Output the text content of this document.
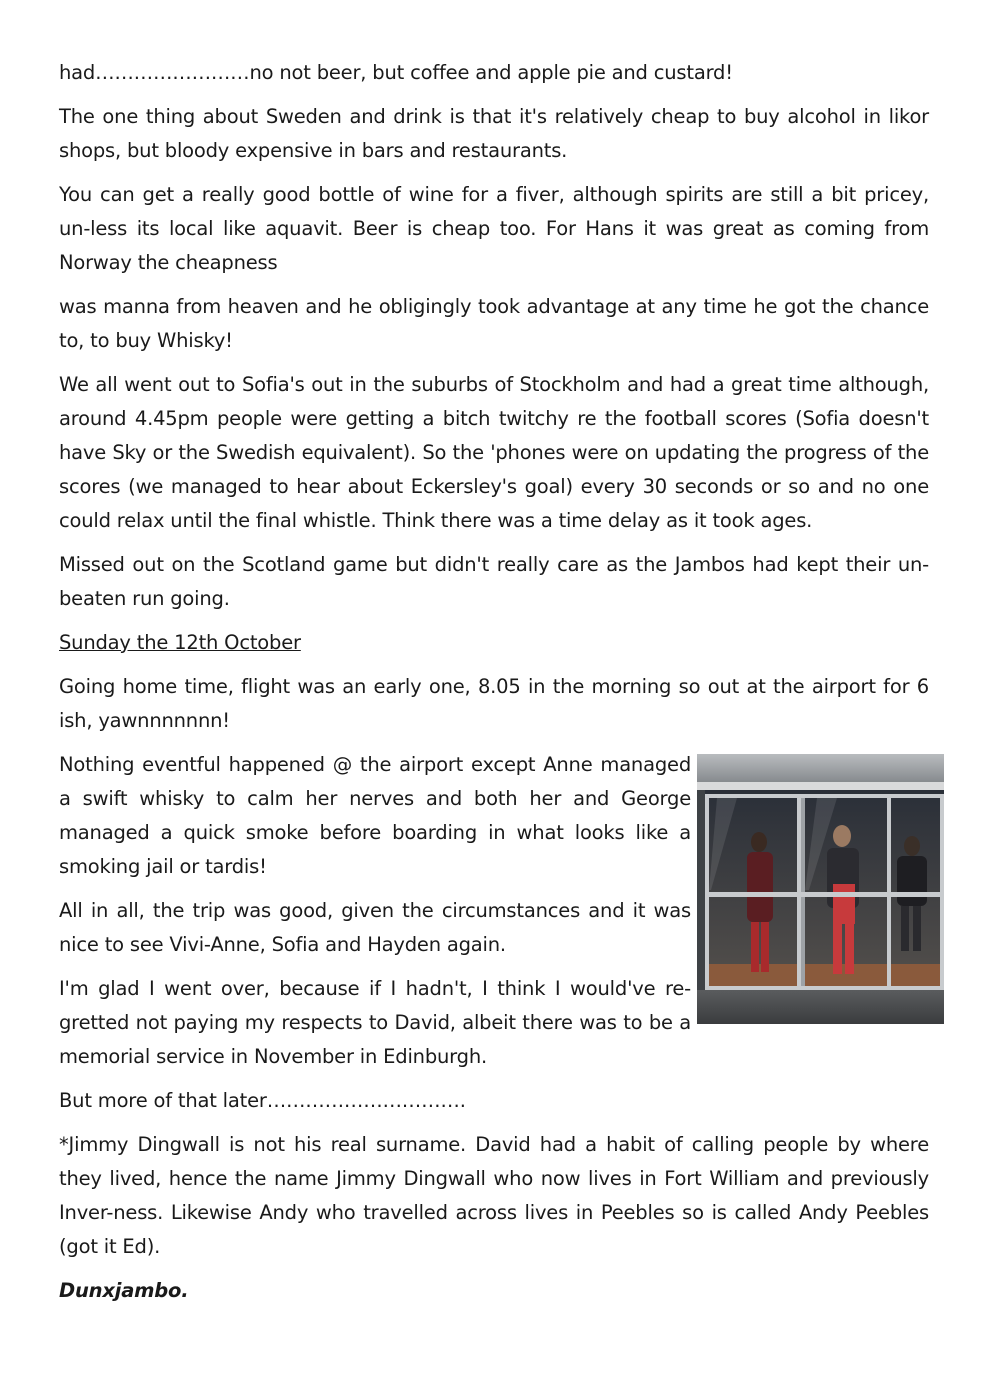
had……………………no not beer, but coffee and apple pie and custard!

The one thing about Sweden and drink is that it's relatively cheap to buy alcohol in likor shops, but bloody expensive in bars and restaurants.

You can get a really good bottle of wine for a fiver, although spirits are still a bit pricey, un-less its local like aquavit. Beer is cheap too. For Hans it was great as coming from Norway the cheapness

was manna from heaven and he obligingly took advantage at any time he got the chance to, to buy Whisky!

We all went out to Sofia's out in the suburbs of Stockholm and had a great time although, around 4.45pm people were getting a bitch twitchy re the football scores (Sofia doesn't have Sky or the Swedish equivalent). So the 'phones were on updating the progress of the scores (we managed to hear about Eckersley's goal) every 30 seconds or so and no one could relax until the final whistle. Think there was a time delay as it took ages.

Missed out on the Scotland game but didn't really care as the Jambos had kept their un-beaten run going.

Sunday the 12th October

Going home time, flight was an early one, 8.05 in the morning so out at the airport for 6 ish, yawnnnnnnn!

Nothing eventful happened @ the airport except Anne managed a swift whisky to calm her nerves and both her and George managed a quick smoke before boarding in what looks like a smoking jail or tardis!

All in all, the trip was good, given the circumstances and it was nice to see Vivi-Anne, Sofia and Hayden again.

I'm glad I went over, because if I hadn't, I think I would've re-gretted not paying my respects to David, albeit there was to be a memorial service in November in Edinburgh.

But more of that later………………………….

*Jimmy Dingwall is not his real surname. David had a habit of calling people by where they lived, hence the name Jimmy Dingwall who now lives in Fort William and previously Inver-ness. Likewise Andy who travelled across lives in Peebles so is called Andy Peebles (got it Ed).

Dunxjambo.
